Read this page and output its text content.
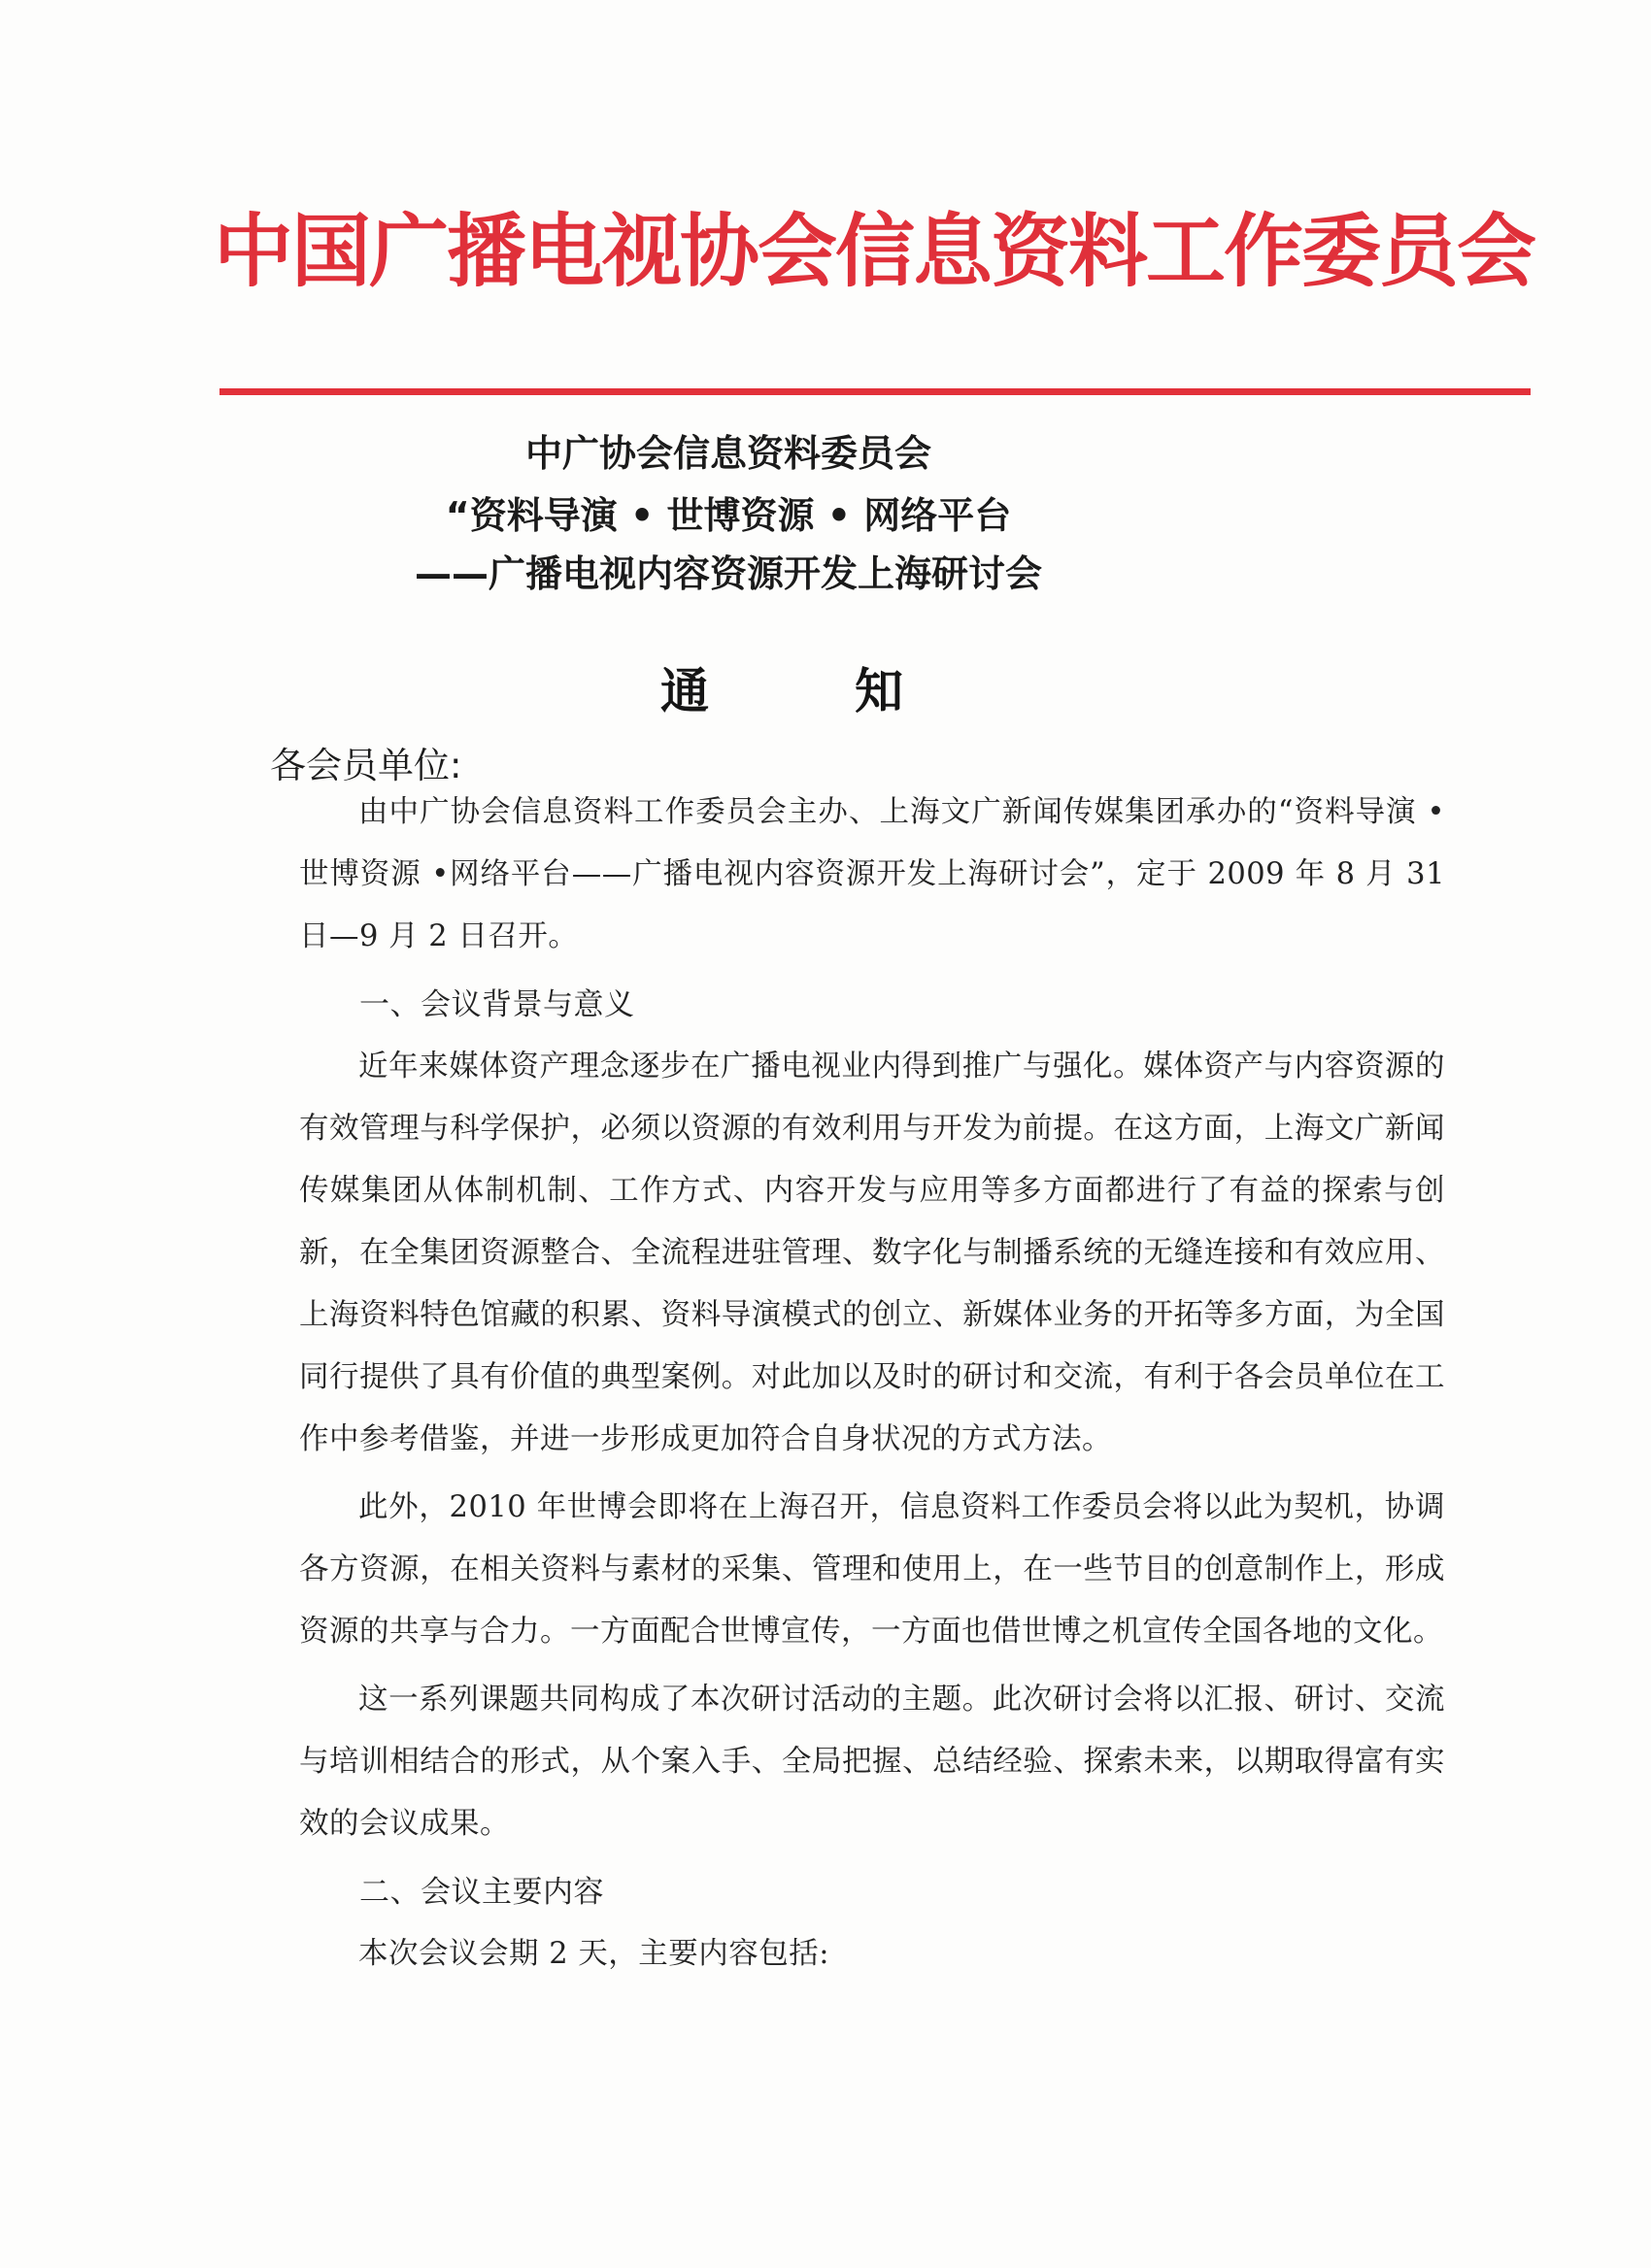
中国广播电视协会信息资料工作委员会
中广协会信息资料委员会
“资料导演 • 世博资源 • 网络平台
——广播电视内容资源开发上海研讨会
通知
各会员单位:

由中广协会信息资料工作委员会主办、上海文广新闻传媒集团承办的“资料导演 •世博资源 •网络平台——广播电视内容资源开发上海研讨会”，定于 2009 年 8 月 31 日—9 月 2 日召开。

一、会议背景与意义

近年来媒体资产理念逐步在广播电视业内得到推广与强化。媒体资产与内容资源的有效管理与科学保护，必须以资源的有效利用与开发为前提。在这方面，上海文广新闻传媒集团从体制机制、工作方式、内容开发与应用等多方面都进行了有益的探索与创新，在全集团资源整合、全流程进驻管理、数字化与制播系统的无缝连接和有效应用、上海资料特色馆藏的积累、资料导演模式的创立、新媒体业务的开拓等多方面，为全国同行提供了具有价值的典型案例。对此加以及时的研讨和交流，有利于各会员单位在工作中参考借鉴，并进一步形成更加符合自身状况的方式方法。

此外，2010 年世博会即将在上海召开，信息资料工作委员会将以此为契机，协调各方资源，在相关资料与素材的采集、管理和使用上，在一些节目的创意制作上，形成资源的共享与合力。一方面配合世博宣传，一方面也借世博之机宣传全国各地的文化。

这一系列课题共同构成了本次研讨活动的主题。此次研讨会将以汇报、研讨、交流与培训相结合的形式，从个案入手、全局把握、总结经验、探索未来，以期取得富有实效的会议成果。

二、会议主要内容

本次会议会期 2 天，主要内容包括:
